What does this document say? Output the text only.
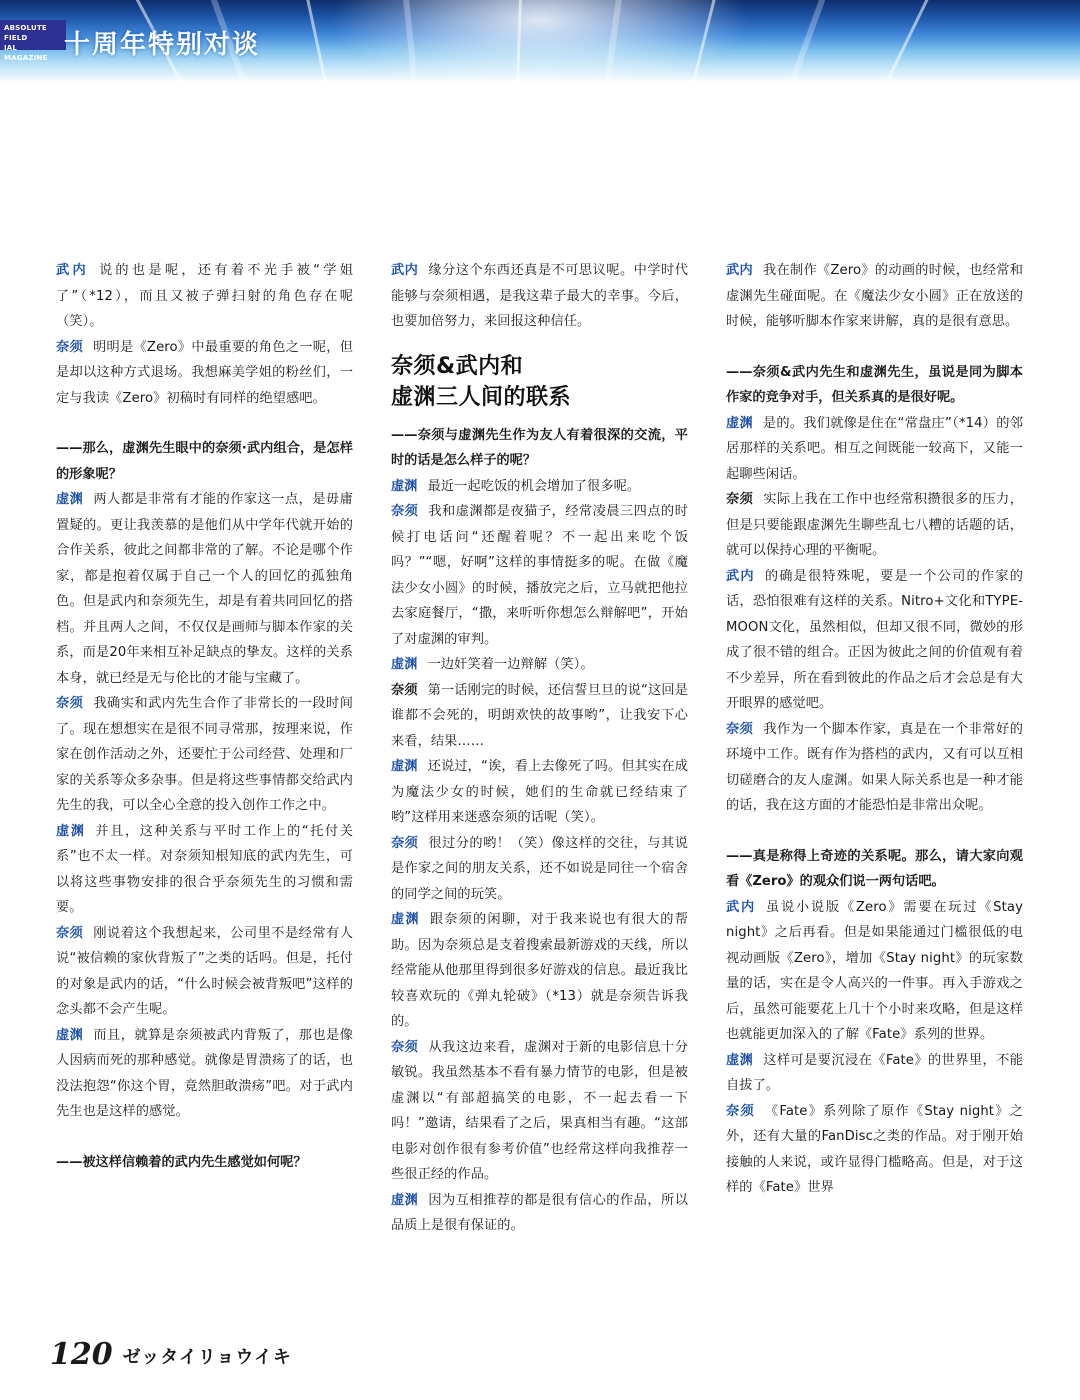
ABSOLUTE FIELD
IAL MAGAZINE 十周年特别对谈

武内 说的也是呢，还有着不光手被“学姐了”（*12），而且又被子弹扫射的角色存在呢（笑）。

奈须 明明是《Zero》中最重要的角色之一呢，但是却以这种方式退场。我想麻美学姐的粉丝们，一定与我读《Zero》初稿时有同样的绝望感吧。

——那么，虚渊先生眼中的奈须·武内组合，是怎样的形象呢？

虚渊 两人都是非常有才能的作家这一点，是毋庸置疑的。更让我羡慕的是他们从中学年代就开始的合作关系，彼此之间都非常的了解。不论是哪个作家，都是抱着仅属于自己一个人的回忆的孤独角色。但是武内和奈须先生，却是有着共同回忆的搭档。并且两人之间，不仅仅是画师与脚本作家的关系，而是20年来相互补足缺点的挚友。这样的关系本身，就已经是无与伦比的才能与宝藏了。

奈须 我确实和武内先生合作了非常长的一段时间了。现在想想实在是很不同寻常那，按理来说，作家在创作活动之外，还要忙于公司经营、处理和厂家的关系等众多杂事。但是将这些事情都交给武内先生的我，可以全心全意的投入创作工作之中。

虚渊 并且，这种关系与平时工作上的“托付关系”也不太一样。对奈须知根知底的武内先生，可以将这些事物安排的很合乎奈须先生的习惯和需要。

奈须 刚说着这个我想起来，公司里不是经常有人说“被信赖的家伙背叛了”之类的话吗。但是，托付的对象是武内的话，“什么时候会被背叛吧”这样的念头都不会产生呢。

虚渊 而且，就算是奈须被武内背叛了，那也是像人因病而死的那种感觉。就像是胃溃疡了的话，也没法抱怨“你这个胃，竟然胆敢溃疡”吧。对于武内先生也是这样的感觉。

——被这样信赖着的武内先生感觉如何呢？

武内 缘分这个东西还真是不可思议呢。中学时代能够与奈须相遇，是我这辈子最大的幸事。今后，也要加倍努力，来回报这种信任。

奈须&武内和
虚渊三人间的联系

——奈须与虚渊先生作为友人有着很深的交流，平时的话是怎么样子的呢？

虚渊 最近一起吃饭的机会增加了很多呢。

奈须 我和虚渊都是夜猫子，经常凌晨三四点的时候打电话问“还醒着呢？不一起出来吃个饭吗？”“嗯，好啊”这样的事情挺多的呢。在做《魔法少女小圆》的时候，播放完之后，立马就把他拉去家庭餐厅，“撒，来听听你想怎么辩解吧”，开始了对虚渊的审判。

虚渊 一边奸笑着一边辩解（笑）。

奈须 第一话刚完的时候，还信誓旦旦的说“这回是谁都不会死的，明朗欢快的故事哟”，让我安下心来看，结果……

虚渊 还说过，“诶，看上去像死了吗。但其实在成为魔法少女的时候，她们的生命就已经结束了哟”这样用来迷惑奈须的话呢（笑）。

奈须 很过分的哟！（笑）像这样的交往，与其说是作家之间的朋友关系，还不如说是同往一个宿舍的同学之间的玩笑。

虚渊 跟奈须的闲聊，对于我来说也有很大的帮助。因为奈须总是支着搜索最新游戏的天线，所以经常能从他那里得到很多好游戏的信息。最近我比较喜欢玩的《弹丸轮破》（*13）就是奈须告诉我的。

奈须 从我这边来看，虚渊对于新的电影信息十分敏锐。我虽然基本不看有暴力情节的电影，但是被虚渊以“有部超搞笑的电影，不一起去看一下吗！”邀请，结果看了之后，果真相当有趣。“这部电影对创作很有参考价值”也经常这样向我推荐一些很正经的作品。

虚渊 因为互相推荐的都是很有信心的作品，所以品质上是很有保证的。

武内 我在制作《Zero》的动画的时候，也经常和虚渊先生碰面呢。在《魔法少女小圆》正在放送的时候，能够听脚本作家来讲解，真的是很有意思。

——奈须&武内先生和虚渊先生，虽说是同为脚本作家的竞争对手，但关系真的是很好呢。

虚渊 是的。我们就像是住在“常盘庄”（*14）的邻居那样的关系吧。相互之间既能一较高下，又能一起聊些闲话。

奈须 实际上我在工作中也经常积攒很多的压力，但是只要能跟虚渊先生聊些乱七八糟的话题的话，就可以保持心理的平衡呢。

武内 的确是很特殊呢，要是一个公司的作家的话，恐怕很难有这样的关系。Nitro+文化和TYPE-MOON文化，虽然相似，但却又很不同，微妙的形成了很不错的组合。正因为彼此之间的价值观有着不少差异，所在看到彼此的作品之后才会总是有大开眼界的感觉吧。

奈须 我作为一个脚本作家，真是在一个非常好的环境中工作。既有作为搭档的武内，又有可以互相切磋磨合的友人虚渊。如果人际关系也是一种才能的话，我在这方面的才能恐怕是非常出众呢。

——真是称得上奇迹的关系呢。那么，请大家向观看《Zero》的观众们说一两句话吧。

武内 虽说小说版《Zero》需要在玩过《Stay night》之后再看。但是如果能通过门槛很低的电视动画版《Zero》，增加《Stay night》的玩家数量的话，实在是令人高兴的一件事。再入手游戏之后，虽然可能要花上几十个小时来攻略，但是这样也就能更加深入的了解《Fate》系列的世界。

虚渊 这样可是要沉浸在《Fate》的世界里，不能自拔了。

奈须 《Fate》系列除了原作《Stay night》之外，还有大量的FanDisc之类的作品。对于刚开始接触的人来说，或许显得门槛略高。但是，对于这样的《Fate》世界

120 ゼッタイリョウイキ
